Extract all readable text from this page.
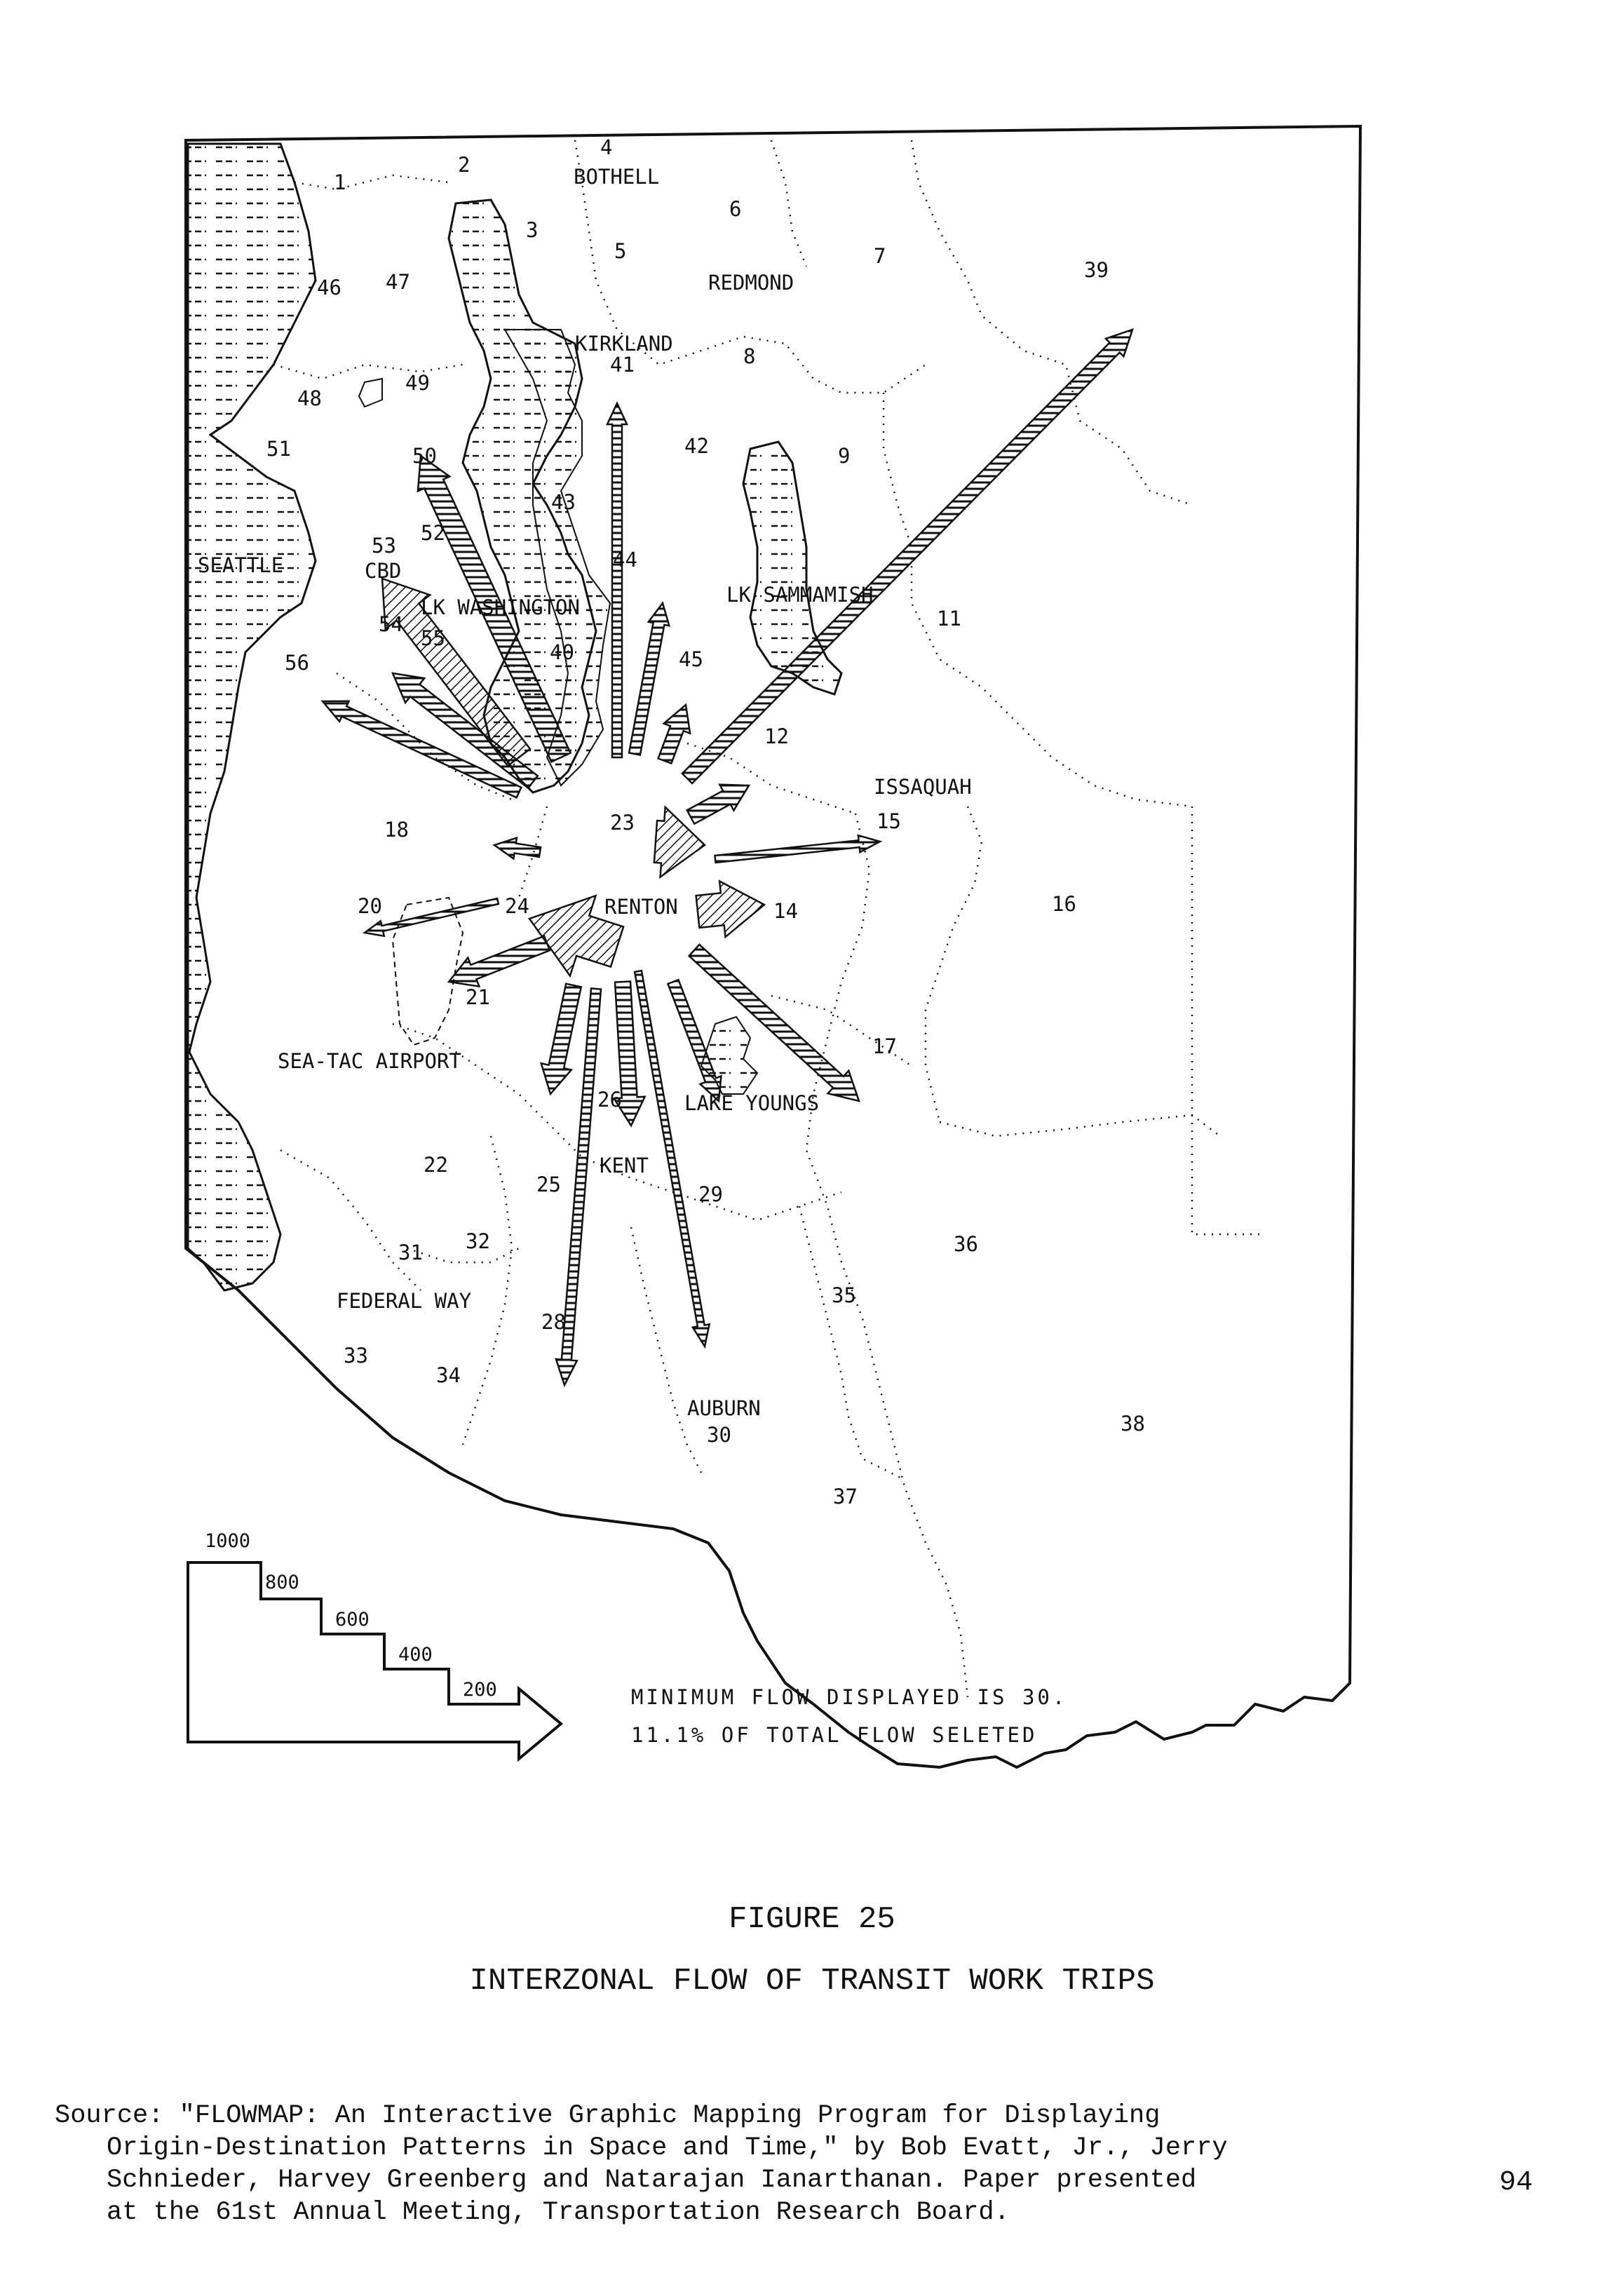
BOTHELL
REDMOND
KIRKLAND
SEATTLE	CBD
LK WASHINGTON
LK SAMMAMISH
ISSAQUAH
RENTON
SEA-TAC AIRPORT
LAKE YOUNGS
KENT
FEDERAL WAY
AUBURN
1
2
3
4
5
6
7
8
9
11
12
14
15
16
17
18
20
21
22
23
24
25
26
28
29
30
31 32
33
34
35
36
37
38
39
40
41
42
43
44
45
46 47
48
49
50
51
52
53
54
55
56
1000
800
600
400
200	MINIMUM FLOW DISPLAYED IS 30.
11.1% OF TOTAL FLOW SELETED
FIGURE 25
INTERZONAL FLOW OF TRANSIT WORK TRIPS
Source: "FLOWMAP: An Interactive Graphic Mapping Program for Displaying
Origin-Destination Patterns in Space and Time," by Bob Evatt, Jr., Jerry
Schnieder, Harvey Greenberg and Natarajan Ianarthanan. Paper presented
at the 61st Annual Meeting, Transportation Research Board.
94
